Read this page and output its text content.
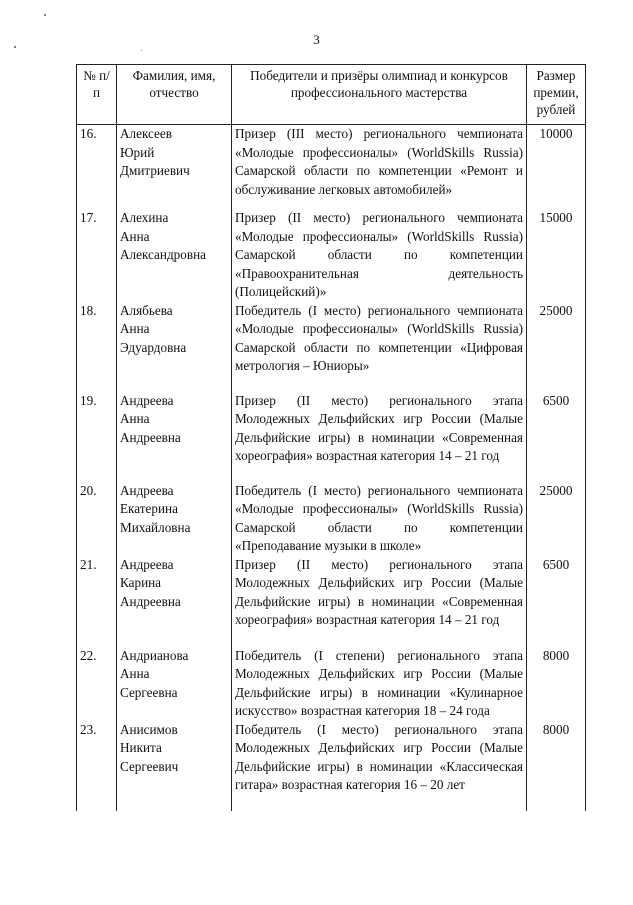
3
№ п/п	Фамилия, имя, отчество	Победители и призёры олимпиад и конкурсов профессионального мастерства	Размер премии, рублей
16.	Алексеев
Юрий
Дмитриевич	Призер (III место) регионального чемпионата «Молодые профессионалы» (WorldSkills Russia) Самарской области по компетенции «Ремонт и обслуживание легковых автомобилей»	10000
17.	Алехина
Анна
Александровна	Призер (II место) регионального чемпионата «Молодые профессионалы» (WorldSkills Russia) Самарской области по компетенции «Правоохранительная деятельность (Полицейский)»	15000
18.	Алябьева
Анна
Эдуардовна	Победитель (I место) регионального чемпионата «Молодые профессионалы» (WorldSkills Russia) Самарской области по компетенции «Цифровая метрология – Юниоры»	25000
19.	Андреева
Анна
Андреевна	Призер (II место) регионального этапа Молодежных Дельфийских игр России (Малые Дельфийские игры) в номинации «Современная хореография» возрастная категория 14 – 21 год	6500
20.	Андреева
Екатерина
Михайловна	Победитель (I место) регионального чемпионата «Молодые профессионалы» (WorldSkills Russia) Самарской области по компетенции «Преподавание музыки в школе»	25000
21.	Андреева
Карина
Андреевна	Призер (II место) регионального этапа Молодежных Дельфийских игр России (Малые Дельфийские игры) в номинации «Современная хореография» возрастная категория 14 – 21 год	6500
22.	Андрианова
Анна
Сергеевна	Победитель (I степени) регионального этапа Молодежных Дельфийских игр России (Малые Дельфийские игры) в номинации «Кулинарное искусство» возрастная категория 18 – 24 года	8000
23.	Анисимов
Никита
Сергеевич	Победитель (I место) регионального этапа Молодежных Дельфийских игр России (Малые Дельфийские игры) в номинации «Классическая гитара» возрастная категория 16 – 20 лет	8000
